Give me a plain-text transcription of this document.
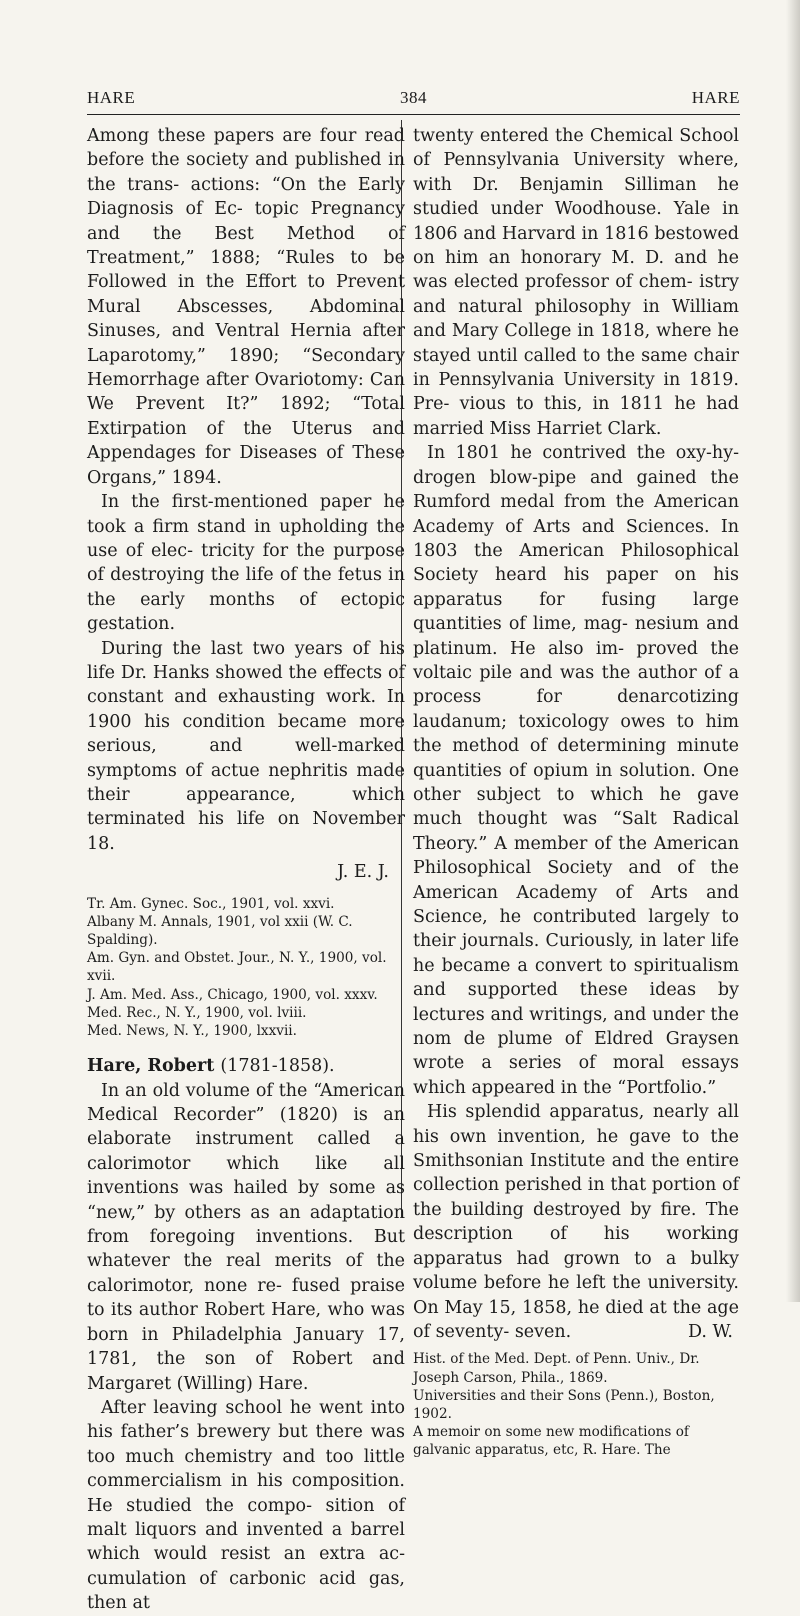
HARE	384	HARE

Among these papers are four read before the society and published in the trans- actions: “On the Early Diagnosis of Ec- topic Pregnancy and the Best Method of Treatment,” 1888; “Rules to be Followed in the Effort to Prevent Mural Abscesses, Abdominal Sinuses, and Ventral Hernia after Laparotomy,” 1890; “Secondary Hemorrhage after Ovariotomy: Can We Prevent It?” 1892; “Total Extirpation of the Uterus and Appendages for Diseases of These Organs,” 1894.

In the first-mentioned paper he took a firm stand in upholding the use of elec- tricity for the purpose of destroying the life of the fetus in the early months of ectopic gestation.

During the last two years of his life Dr. Hanks showed the effects of constant and exhausting work. In 1900 his condition became more serious, and well-marked symptoms of actue nephritis made their appearance, which terminated his life on November 18.

J. E. J.

Tr. Am. Gynec. Soc., 1901, vol. xxvi.
Albany M. Annals, 1901, vol xxii (W. C. Spalding).
Am. Gyn. and Obstet. Jour., N. Y., 1900, vol. xvii.
J. Am. Med. Ass., Chicago, 1900, vol. xxxv.
Med. Rec., N. Y., 1900, vol. lviii.
Med. News, N. Y., 1900, lxxvii.

Hare, Robert (1781-1858).

In an old volume of the “American Medical Recorder” (1820) is an elaborate instrument called a calorimotor which like all inventions was hailed by some as “new,” by others as an adaptation from foregoing inventions. But whatever the real merits of the calorimotor, none re- fused praise to its author Robert Hare, who was born in Philadelphia January 17, 1781, the son of Robert and Margaret (Willing) Hare.

After leaving school he went into his father’s brewery but there was too much chemistry and too little commercialism in his composition. He studied the compo- sition of malt liquors and invented a barrel which would resist an extra ac- cumulation of carbonic acid gas, then at

twenty entered the Chemical School of Pennsylvania University where, with Dr. Benjamin Silliman he studied under Woodhouse. Yale in 1806 and Harvard in 1816 bestowed on him an honorary M. D. and he was elected professor of chem- istry and natural philosophy in William and Mary College in 1818, where he stayed until called to the same chair in Pennsylvania University in 1819. Pre- vious to this, in 1811 he had married Miss Harriet Clark.

In 1801 he contrived the oxy-hy- drogen blow-pipe and gained the Rumford medal from the American Academy of Arts and Sciences. In 1803 the American Philosophical Society heard his paper on his apparatus for fusing large quantities of lime, mag- nesium and platinum. He also im- proved the voltaic pile and was the author of a process for denarcotizing laudanum; toxicology owes to him the method of determining minute quantities of opium in solution. One other subject to which he gave much thought was “Salt Radical Theory.” A member of the American Philosophical Society and of the American Academy of Arts and Science, he contributed largely to their journals. Curiously, in later life he became a convert to spiritualism and supported these ideas by lectures and writings, and under the nom de plume of Eldred Graysen wrote a series of moral essays which appeared in the “Portfolio.”

His splendid apparatus, nearly all his own invention, he gave to the Smithsonian Institute and the entire collection perished in that portion of the building destroyed by fire. The description of his working apparatus had grown to a bulky volume before he left the university. On May 15, 1858, he died at the age of seventy- seven.	D. W.

Hist. of the Med. Dept. of Penn. Univ., Dr. Joseph Carson, Phila., 1869.
Universities and their Sons (Penn.), Boston, 1902.
A memoir on some new modifications of galvanic apparatus, etc, R. Hare. The
